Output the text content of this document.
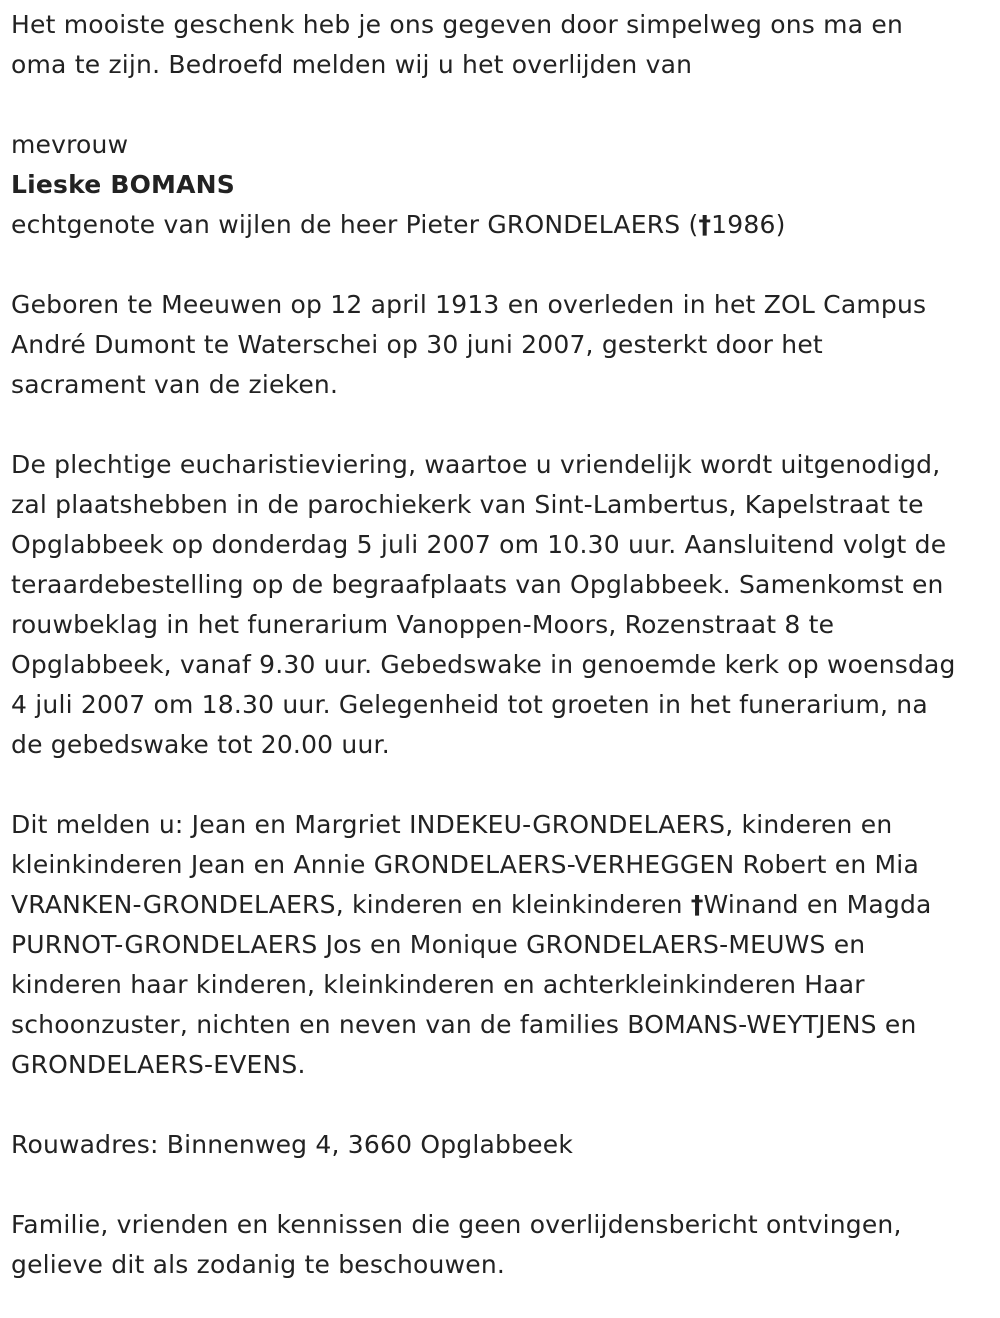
Het mooiste geschenk heb je ons gegeven door simpelweg ons ma en
oma te zijn. Bedroefd melden wij u het overlijden van

mevrouw

Lieske BOMANS

echtgenote van wijlen de heer Pieter GRONDELAERS (†1986)

Geboren te Meeuwen op 12 april 1913 en overleden in het ZOL Campus
André Dumont te Waterschei op 30 juni 2007, gesterkt door het
sacrament van de zieken.

De plechtige eucharistieviering, waartoe u vriendelijk wordt uitgenodigd,
zal plaatshebben in de parochiekerk van Sint-Lambertus, Kapelstraat te
Opglabbeek op donderdag 5 juli 2007 om 10.30 uur. Aansluitend volgt de
teraardebestelling op de begraafplaats van Opglabbeek. Samenkomst en
rouwbeklag in het funerarium Vanoppen-Moors, Rozenstraat 8 te
Opglabbeek, vanaf 9.30 uur. Gebedswake in genoemde kerk op woensdag
4 juli 2007 om 18.30 uur. Gelegenheid tot groeten in het funerarium, na
de gebedswake tot 20.00 uur.

Dit melden u: Jean en Margriet INDEKEU-GRONDELAERS, kinderen en
kleinkinderen Jean en Annie GRONDELAERS-VERHEGGEN Robert en Mia
VRANKEN-GRONDELAERS, kinderen en kleinkinderen †Winand en Magda
PURNOT-GRONDELAERS Jos en Monique GRONDELAERS-MEUWS en
kinderen haar kinderen, kleinkinderen en achterkleinkinderen Haar
schoonzuster, nichten en neven van de families BOMANS-WEYTJENS en
GRONDELAERS-EVENS.

Rouwadres: Binnenweg 4, 3660 Opglabbeek

Familie, vrienden en kennissen die geen overlijdensbericht ontvingen,
gelieve dit als zodanig te beschouwen.
